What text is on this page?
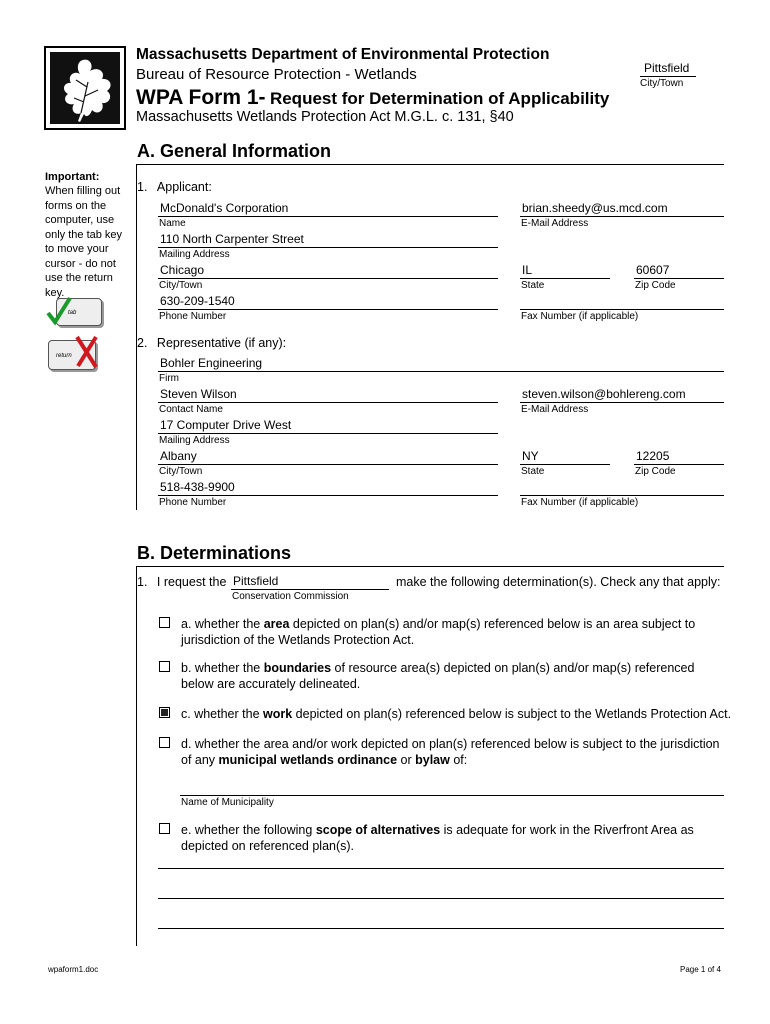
Massachusetts Department of Environmental Protection
Bureau of Resource Protection - Wetlands
WPA Form 1- Request for Determination of Applicability
Massachusetts Wetlands Protection Act M.G.L. c. 131, §40
Pittsfield
City/Town
Important:
When filling out forms on the computer, use only the tab key to move your cursor - do not use the return key.
tab
return
A. General Information
1. Applicant:
McDonald's Corporation
Name
brian.sheedy@us.mcd.com
E-Mail Address
110 North Carpenter Street
Mailing Address
Chicago
City/Town
IL
State
60607
Zip Code
630-209-1540
Phone Number	Fax Number (if applicable)
2. Representative (if any):
Bohler Engineering
Firm
Steven Wilson
Contact Name
steven.wilson@bohlereng.com
E-Mail Address
17 Computer Drive West
Mailing Address
Albany
City/Town
NY
State
12205
Zip Code
518-438-9900
Phone Number	Fax Number (if applicable)
B. Determinations
1. I request the Pittsfield
Conservation Commission
make the following determination(s). Check any that apply:
a. whether the area depicted on plan(s) and/or map(s) referenced below is an area subject to jurisdiction of the Wetlands Protection Act.
b. whether the boundaries of resource area(s) depicted on plan(s) and/or map(s) referenced below are accurately delineated.
c. whether the work depicted on plan(s) referenced below is subject to the Wetlands Protection Act.
d. whether the area and/or work depicted on plan(s) referenced below is subject to the jurisdiction of any municipal wetlands ordinance or bylaw of:
Name of Municipality
e. whether the following scope of alternatives is adequate for work in the Riverfront Area as depicted on referenced plan(s).
wpaform1.doc	Page 1 of 4
